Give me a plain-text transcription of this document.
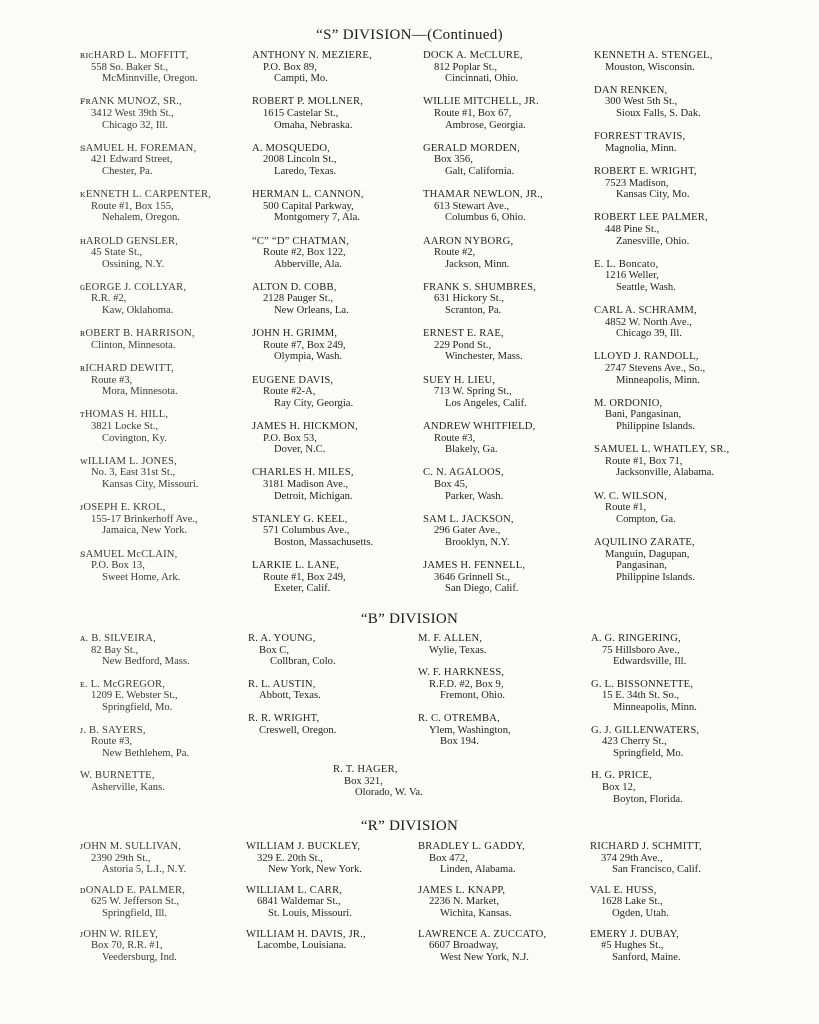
“S” DIVISION—(Continued)
ʀɪᴄHARD L. MOFFITT,
558 So. Baker St.,
McMinnville, Oregon.
ꜰʀANK MUNOZ, SR.,
3412 West 39th St.,
Chicago 32, Ill.
ꜱAMUEL H. FOREMAN,
421 Edward Street,
Chester, Pa.
ᴋENNETH L. CARPENTER,
Route #1, Box 155,
Nehalem, Oregon.
ʜAROLD GENSLER,
45 State St.,
Ossining, N.Y.
ɢEORGE J. COLLYAR,
R.R. #2,
Kaw, Oklahoma.
ʀOBERT B. HARRISON,
Clinton, Minnesota.
ʀICHARD DEWITT,
Route #3,
Mora, Minnesota.
ᴛHOMAS H. HILL,
3821 Locke St.,
Covington, Ky.
ᴡILLIAM L. JONES,
No. 3, East 31st St.,
Kansas City, Missouri.
ᴊOSEPH E. KROL,
155-17 Brinkerhoff Ave.,
Jamaica, New York.
ꜱAMUEL McCLAIN,
P.O. Box 13,
Sweet Home, Ark.
ANTHONY N. MEZIERE,
P.O. Box 89,
Campti, Mo.
ROBERT P. MOLLNER,
1615 Castelar St.,
Omaha, Nebraska.
A. MOSQUEDO,
2008 Lincoln St.,
Laredo, Texas.
HERMAN L. CANNON,
500 Capital Parkway,
Montgomery 7, Ala.
“C” “D” CHATMAN,
Route #2, Box 122,
Abberville, Ala.
ALTON D. COBB,
2128 Pauger St.,
New Orleans, La.
JOHN H. GRIMM,
Route #7, Box 249,
Olympia, Wash.
EUGENE DAVIS,
Route #2-A,
Ray City, Georgia.
JAMES H. HICKMON,
P.O. Box 53,
Dover, N.C.
CHARLES H. MILES,
3181 Madison Ave.,
Detroit, Michigan.
STANLEY G. KEEL,
571 Columbus Ave.,
Boston, Massachusetts.
LARKIE L. LANE,
Route #1, Box 249,
Exeter, Calif.
DOCK A. McCLURE,
812 Poplar St.,
Cincinnati, Ohio.
WILLIE MITCHELL, JR.
Route #1, Box 67,
Ambrose, Georgia.
GERALD MORDEN,
Box 356,
Galt, California.
THAMAR NEWLON, JR.,
613 Stewart Ave.,
Columbus 6, Ohio.
AARON NYBORG,
Route #2,
Jackson, Minn.
FRANK S. SHUMBRES,
631 Hickory St.,
Scranton, Pa.
ERNEST E. RAE,
229 Pond St.,
Winchester, Mass.
SUEY H. LIEU,
713 W. Spring St.,
Los Angeles, Calif.
ANDREW WHITFIELD,
Route #3,
Blakely, Ga.
C. N. AGALOOS,
Box 45,
Parker, Wash.
SAM L. JACKSON,
296 Gater Ave.,
Brooklyn, N.Y.
JAMES H. FENNELL,
3646 Grinnell St.,
San Diego, Calif.
KENNETH A. STENGEL,
Mouston, Wisconsin.
DAN RENKEN,
300 West 5th St.,
Sioux Falls, S. Dak.
FORREST TRAVIS,
Magnolia, Minn.
ROBERT E. WRIGHT,
7523 Madison,
Kansas City, Mo.
ROBERT LEE PALMER,
448 Pine St.,
Zanesville, Ohio.
E. L. Boncato,
1216 Weller,
Seattle, Wash.
CARL A. SCHRAMM,
4852 W. North Ave.,
Chicago 39, Ill.
LLOYD J. RANDOLL,
2747 Stevens Ave., So.,
Minneapolis, Minn.
M. ORDONIO,
Bani, Pangasinan,
Philippine Islands.
SAMUEL L. WHATLEY, SR.,
Route #1, Box 71,
Jacksonville, Alabama.
W. C. WILSON,
Route #1,
Compton, Ga.
AQUILINO ZARATE,
Manguin, Dagupan,
Pangasinan,
Philippine Islands.
“B” DIVISION
ᴀ. B. SILVEIRA,
82 Bay St.,
New Bedford, Mass.
ᴇ. L. McGREGOR,
1209 E. Webster St.,
Springfield, Mo.
ᴊ. B. SAYERS,
Route #3,
New Bethlehem, Pa.
W. BURNETTE,
Asherville, Kans.
R. A. YOUNG,
Box C,
Collbran, Colo.
R. L. AUSTIN,
Abbott, Texas.
R. R. WRIGHT,
Creswell, Oregon.
M. F. ALLEN,
Wylie, Texas.
W. F. HARKNESS,
R.F.D. #2, Box 9,
Fremont, Ohio.
R. C. OTREMBA,
Ylem, Washington,
Box 194.
A. G. RINGERING,
75 Hillsboro Ave.,
Edwardsville, Ill.
G. L. BISSONNETTE,
15 E. 34th St. So.,
Minneapolis, Minn.
G. J. GILLENWATERS,
423 Cherry St.,
Springfield, Mo.
H. G. PRICE,
Box 12,
Boyton, Florida.
R. T. HAGER,
Box 321,
Olorado, W. Va.
“R” DIVISION
ᴊOHN M. SULLIVAN,
2390 29th St.,
Astoria 5, L.I., N.Y.
ᴅONALD E. PALMER,
625 W. Jefferson St.,
Springfield, Ill.
ᴊOHN W. RILEY,
Box 70, R.R. #1,
Veedersburg, Ind.
WILLIAM J. BUCKLEY,
329 E. 20th St.,
New York, New York.
WILLIAM L. CARR,
6841 Waldemar St.,
St. Louis, Missouri.
WILLIAM H. DAVIS, JR.,
Lacombe, Louisiana.
BRADLEY L. GADDY,
Box 472,
Linden, Alabama.
JAMES L. KNAPP,
2236 N. Market,
Wichita, Kansas.
LAWRENCE A. ZUCCATO,
6607 Broadway,
West New York, N.J.
RICHARD J. SCHMITT,
374 29th Ave.,
San Francisco, Calif.
VAL E. HUSS,
1628 Lake St.,
Ogden, Utah.
EMERY J. DUBAY,
#5 Hughes St.,
Sanford, Maine.
